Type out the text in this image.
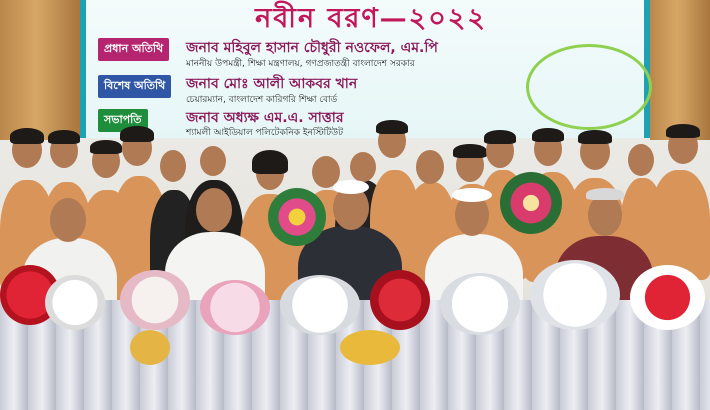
নবীন বরণ—২০২২
প্রধান অতিথি	জনাব মহিবুল হাসান চৌধুরী নওফেল, এম.পি
মাননীয় উপমন্ত্রী, শিক্ষা মন্ত্রণালয়, গণপ্রজাতন্ত্রী বাংলাদেশ সরকার
বিশেষ অতিথি	জনাব মোঃ আলী আকবর খান
চেয়ারম্যান, বাংলাদেশ কারিগরি শিক্ষা বোর্ড
সভাপতি	জনাব অধ্যক্ষ এম.এ. সাত্তার
শ্যামলী আইডিয়াল পলিটেকনিক ইনস্টিটিউট
